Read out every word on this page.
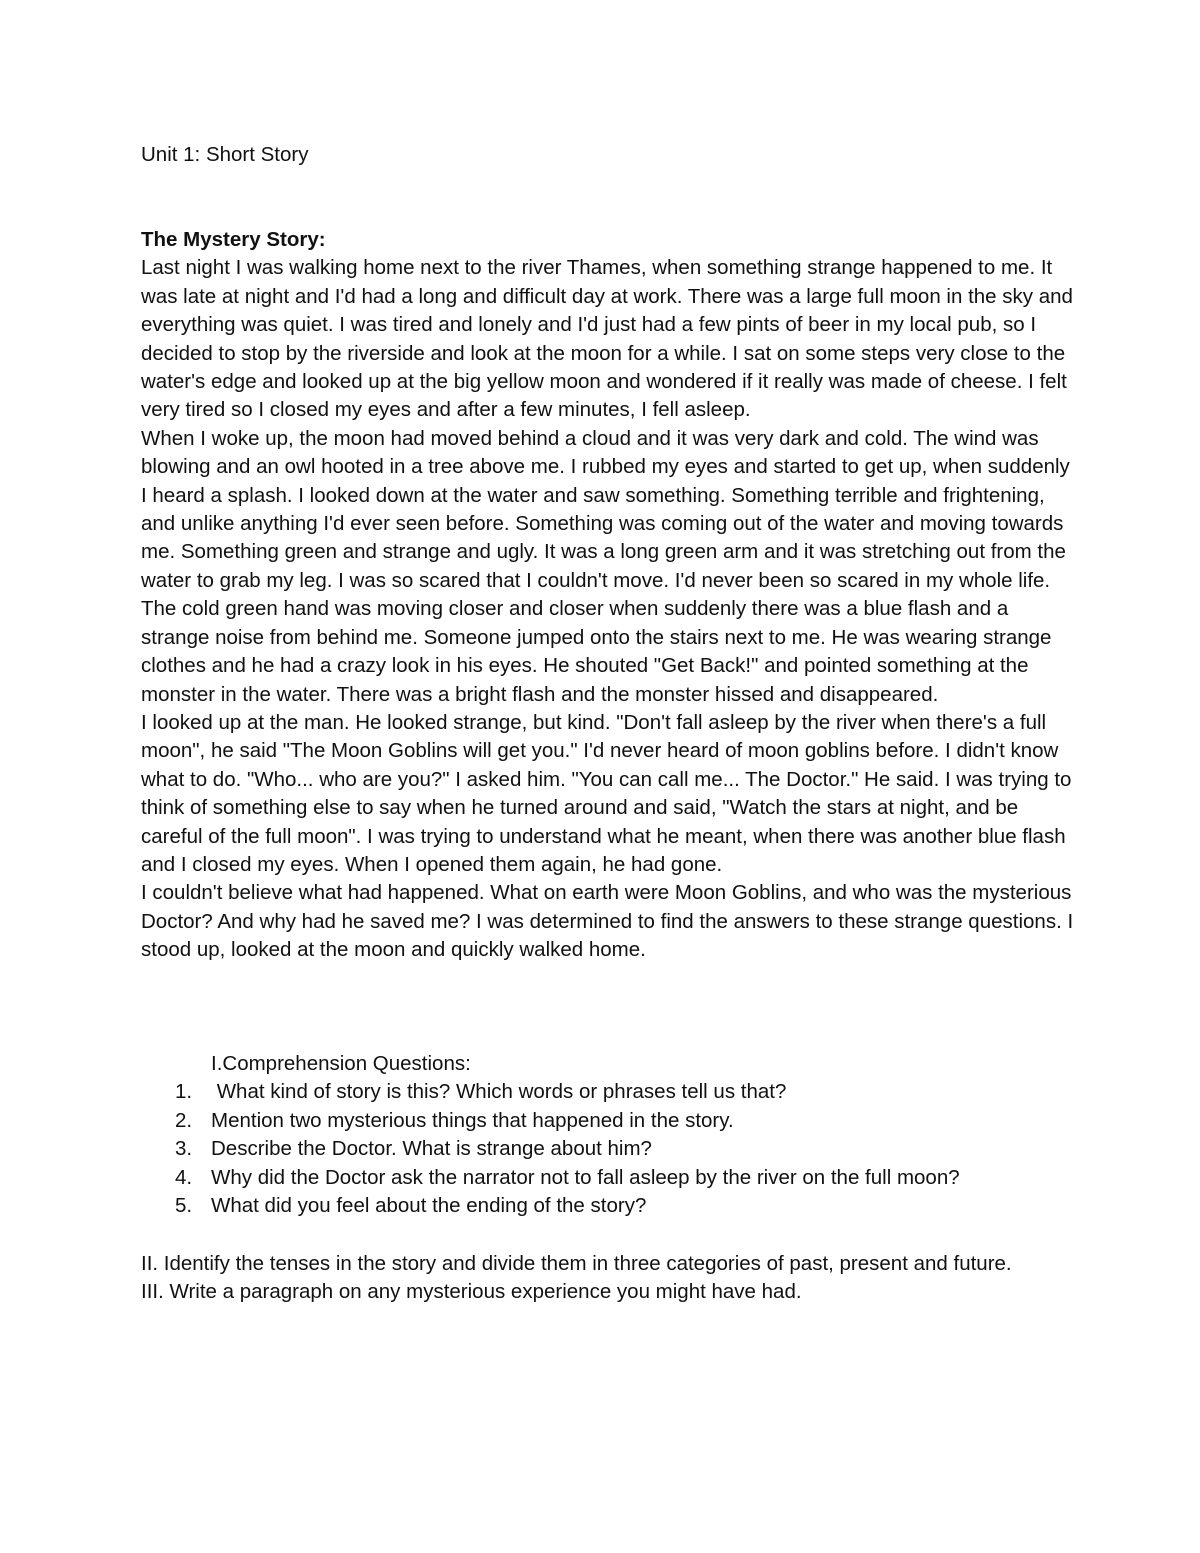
Unit 1: Short Story
The Mystery Story:

Last night I was walking home next to the river Thames, when something strange happened to me. It was late at night and I'd had a long and difficult day at work. There was a large full moon in the sky and everything was quiet. I was tired and lonely and I'd just had a few pints of beer in my local pub, so I decided to stop by the riverside and look at the moon for a while. I sat on some steps very close to the water's edge and looked up at the big yellow moon and wondered if it really was made of cheese. I felt very tired so I closed my eyes and after a few minutes, I fell asleep.

When I woke up, the moon had moved behind a cloud and it was very dark and cold. The wind was blowing and an owl hooted in a tree above me. I rubbed my eyes and started to get up, when suddenly I heard a splash. I looked down at the water and saw something. Something terrible and frightening, and unlike anything I'd ever seen before. Something was coming out of the water and moving towards me. Something green and strange and ugly. It was a long green arm and it was stretching out from the water to grab my leg. I was so scared that I couldn't move. I'd never been so scared in my whole life. The cold green hand was moving closer and closer when suddenly there was a blue flash and a strange noise from behind me. Someone jumped onto the stairs next to me. He was wearing strange clothes and he had a crazy look in his eyes. He shouted "Get Back!" and pointed something at the monster in the water. There was a bright flash and the monster hissed and disappeared.

I looked up at the man. He looked strange, but kind. "Don't fall asleep by the river when there's a full moon", he said "The Moon Goblins will get you." I'd never heard of moon goblins before. I didn't know what to do. "Who... who are you?" I asked him. "You can call me... The Doctor." He said. I was trying to think of something else to say when he turned around and said, "Watch the stars at night, and be careful of the full moon". I was trying to understand what he meant, when there was another blue flash and I closed my eyes. When I opened them again, he had gone.

I couldn't believe what had happened. What on earth were Moon Goblins, and who was the mysterious Doctor? And why had he saved me? I was determined to find the answers to these strange questions. I stood up, looked at the moon and quickly walked home.

I.Comprehension Questions:
1. What kind of story is this? Which words or phrases tell us that?
2. Mention two mysterious things that happened in the story.
3. Describe the Doctor. What is strange about him?
4. Why did the Doctor ask the narrator not to fall asleep by the river on the full moon?
5. What did you feel about the ending of the story?

II. Identify the tenses in the story and divide them in three categories of past, present and future.

III. Write a paragraph on any mysterious experience you might have had.
